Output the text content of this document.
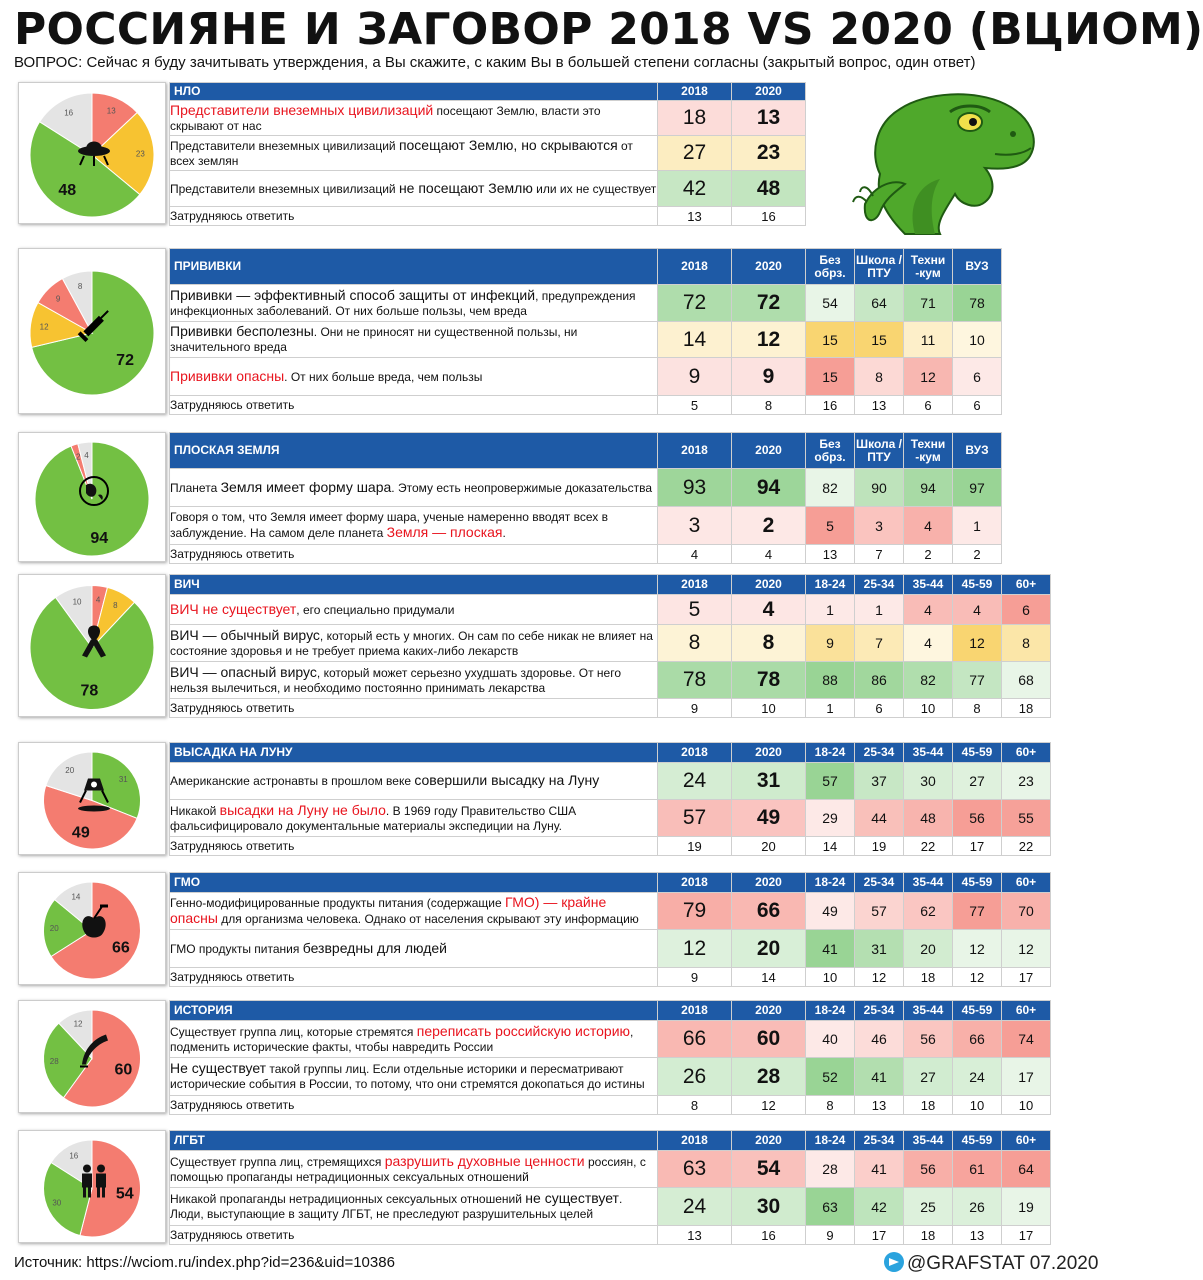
РОССИЯНЕ И ЗАГОВОР 2018 VS 2020 (ВЦИОМ)
ВОПРОС: Сейчас я буду зачитывать утверждения, а Вы скажите, с каким Вы в большей степени согласны (закрытый вопрос, один ответ)
13
23
48
16
НЛО	2018	2020
Представители внеземных цивилизаций посещают Землю, власти это скрывают от нас	18	13
Представители внеземных цивилизаций посещают Землю, но скрываются от всех землян	27	23
Представители внеземных цивилизаций не посещают Землю или их не существует	42	48
Затрудняюсь ответить	13	16
72
12
9
8
ПРИВИВКИ	2018	2020	Без обрз.	Школа /ПТУ	Техни -кум	ВУЗ
Прививки — эффективный способ защиты от инфекций, предупреждения инфекционных заболеваний. От них больше пользы, чем вреда	72	72	54	64	71	78
Прививки бесполезны. Они не приносят ни существенной пользы, ни значительного вреда	14	12	15	15	11	10
Прививки опасны. От них больше вреда, чем пользы	9	9	15	8	12	6
Затрудняюсь ответить	5	8	16	13	6	6
94
2 4	ПЛОСКАЯ ЗЕМЛЯ	2018	2020	Без обрз.	Школа /ПТУ	Техни -кум	ВУЗ
Планета Земля имеет форму шара. Этому есть неопровержимые доказательства	93	94	82	90	94	97
Говоря о том, что Земля имеет форму шара, ученые намеренно вводят всех в заблуждение. На самом деле планета Земля — плоская.	3	2	5	3	4	1
Затрудняюсь ответить	4	4	13	7	2	2
4
8
78
10
ВИЧ	2018	2020	18-24	25-34	35-44	45-59	60+
ВИЧ не существует, его специально придумали	5	4	1	1	4	4	6
ВИЧ — обычный вирус, который есть у многих. Он сам по себе никак не влияет на состояние здоровья и не требует приема каких-либо лекарств	8	8	9	7	4	12	8
ВИЧ — опасный вирус, который может серьезно ухудшать здоровье. От него нельзя вылечиться, и необходимо постоянно принимать лекарства	78	78	88	86	82	77	68
Затрудняюсь ответить	9	10	1	6	10	8	18
31
49
20
ВЫСАДКА НА ЛУНУ	2018	2020	18-24	25-34	35-44	45-59	60+
Американские астронавты в прошлом веке совершили высадку на Луну	24	31	57	37	30	27	23
Никакой высадки на Луну не было. В 1969 году Правительство США фальсифицировало документальные материалы экспедиции на Луну.	57	49	29	44	48	56	55
Затрудняюсь ответить	19	20	14	19	22	17	22
66
20
14
ГМО	2018	2020	18-24	25-34	35-44	45-59	60+
Генно-модифицированные продукты питания (содержащие ГМО) — крайне опасны для организма человека. Однако от населения скрывают эту информацию	79	66	49	57	62	77	70
ГМО продукты питания безвредны для людей	12	20	41	31	20	12	12
Затрудняюсь ответить	9	14	10	12	18	12	17
60
28
12
ИСТОРИЯ	2018	2020	18-24	25-34	35-44	45-59	60+
Существует группа лиц, которые стремятся переписать российскую историю, подменить исторические факты, чтобы навредить России	66	60	40	46	56	66	74
Не существует такой группы лиц. Если отдельные историки и пересматривают исторические события в России, то потому, что они стремятся докопаться до истины	26	28	52	41	27	24	17
Затрудняюсь ответить	8	12	8	13	18	10	10
54
30
16
ЛГБТ	2018	2020	18-24	25-34	35-44	45-59	60+
Существует группа лиц, стремящихся разрушить духовные ценности россиян, с помощью пропаганды нетрадиционных сексуальных отношений	63	54	28	41	56	61	64
Никакой пропаганды нетрадиционных сексуальных отношений не существует. Люди, выступающие в защиту ЛГБТ, не преследуют разрушительных целей	24	30	63	42	25	26	19
Затрудняюсь ответить	13	16	9	17	18	13	17
Источник: https://wciom.ru/index.php?id=236&uid=10386	@GRAFSTAT 07.2020
